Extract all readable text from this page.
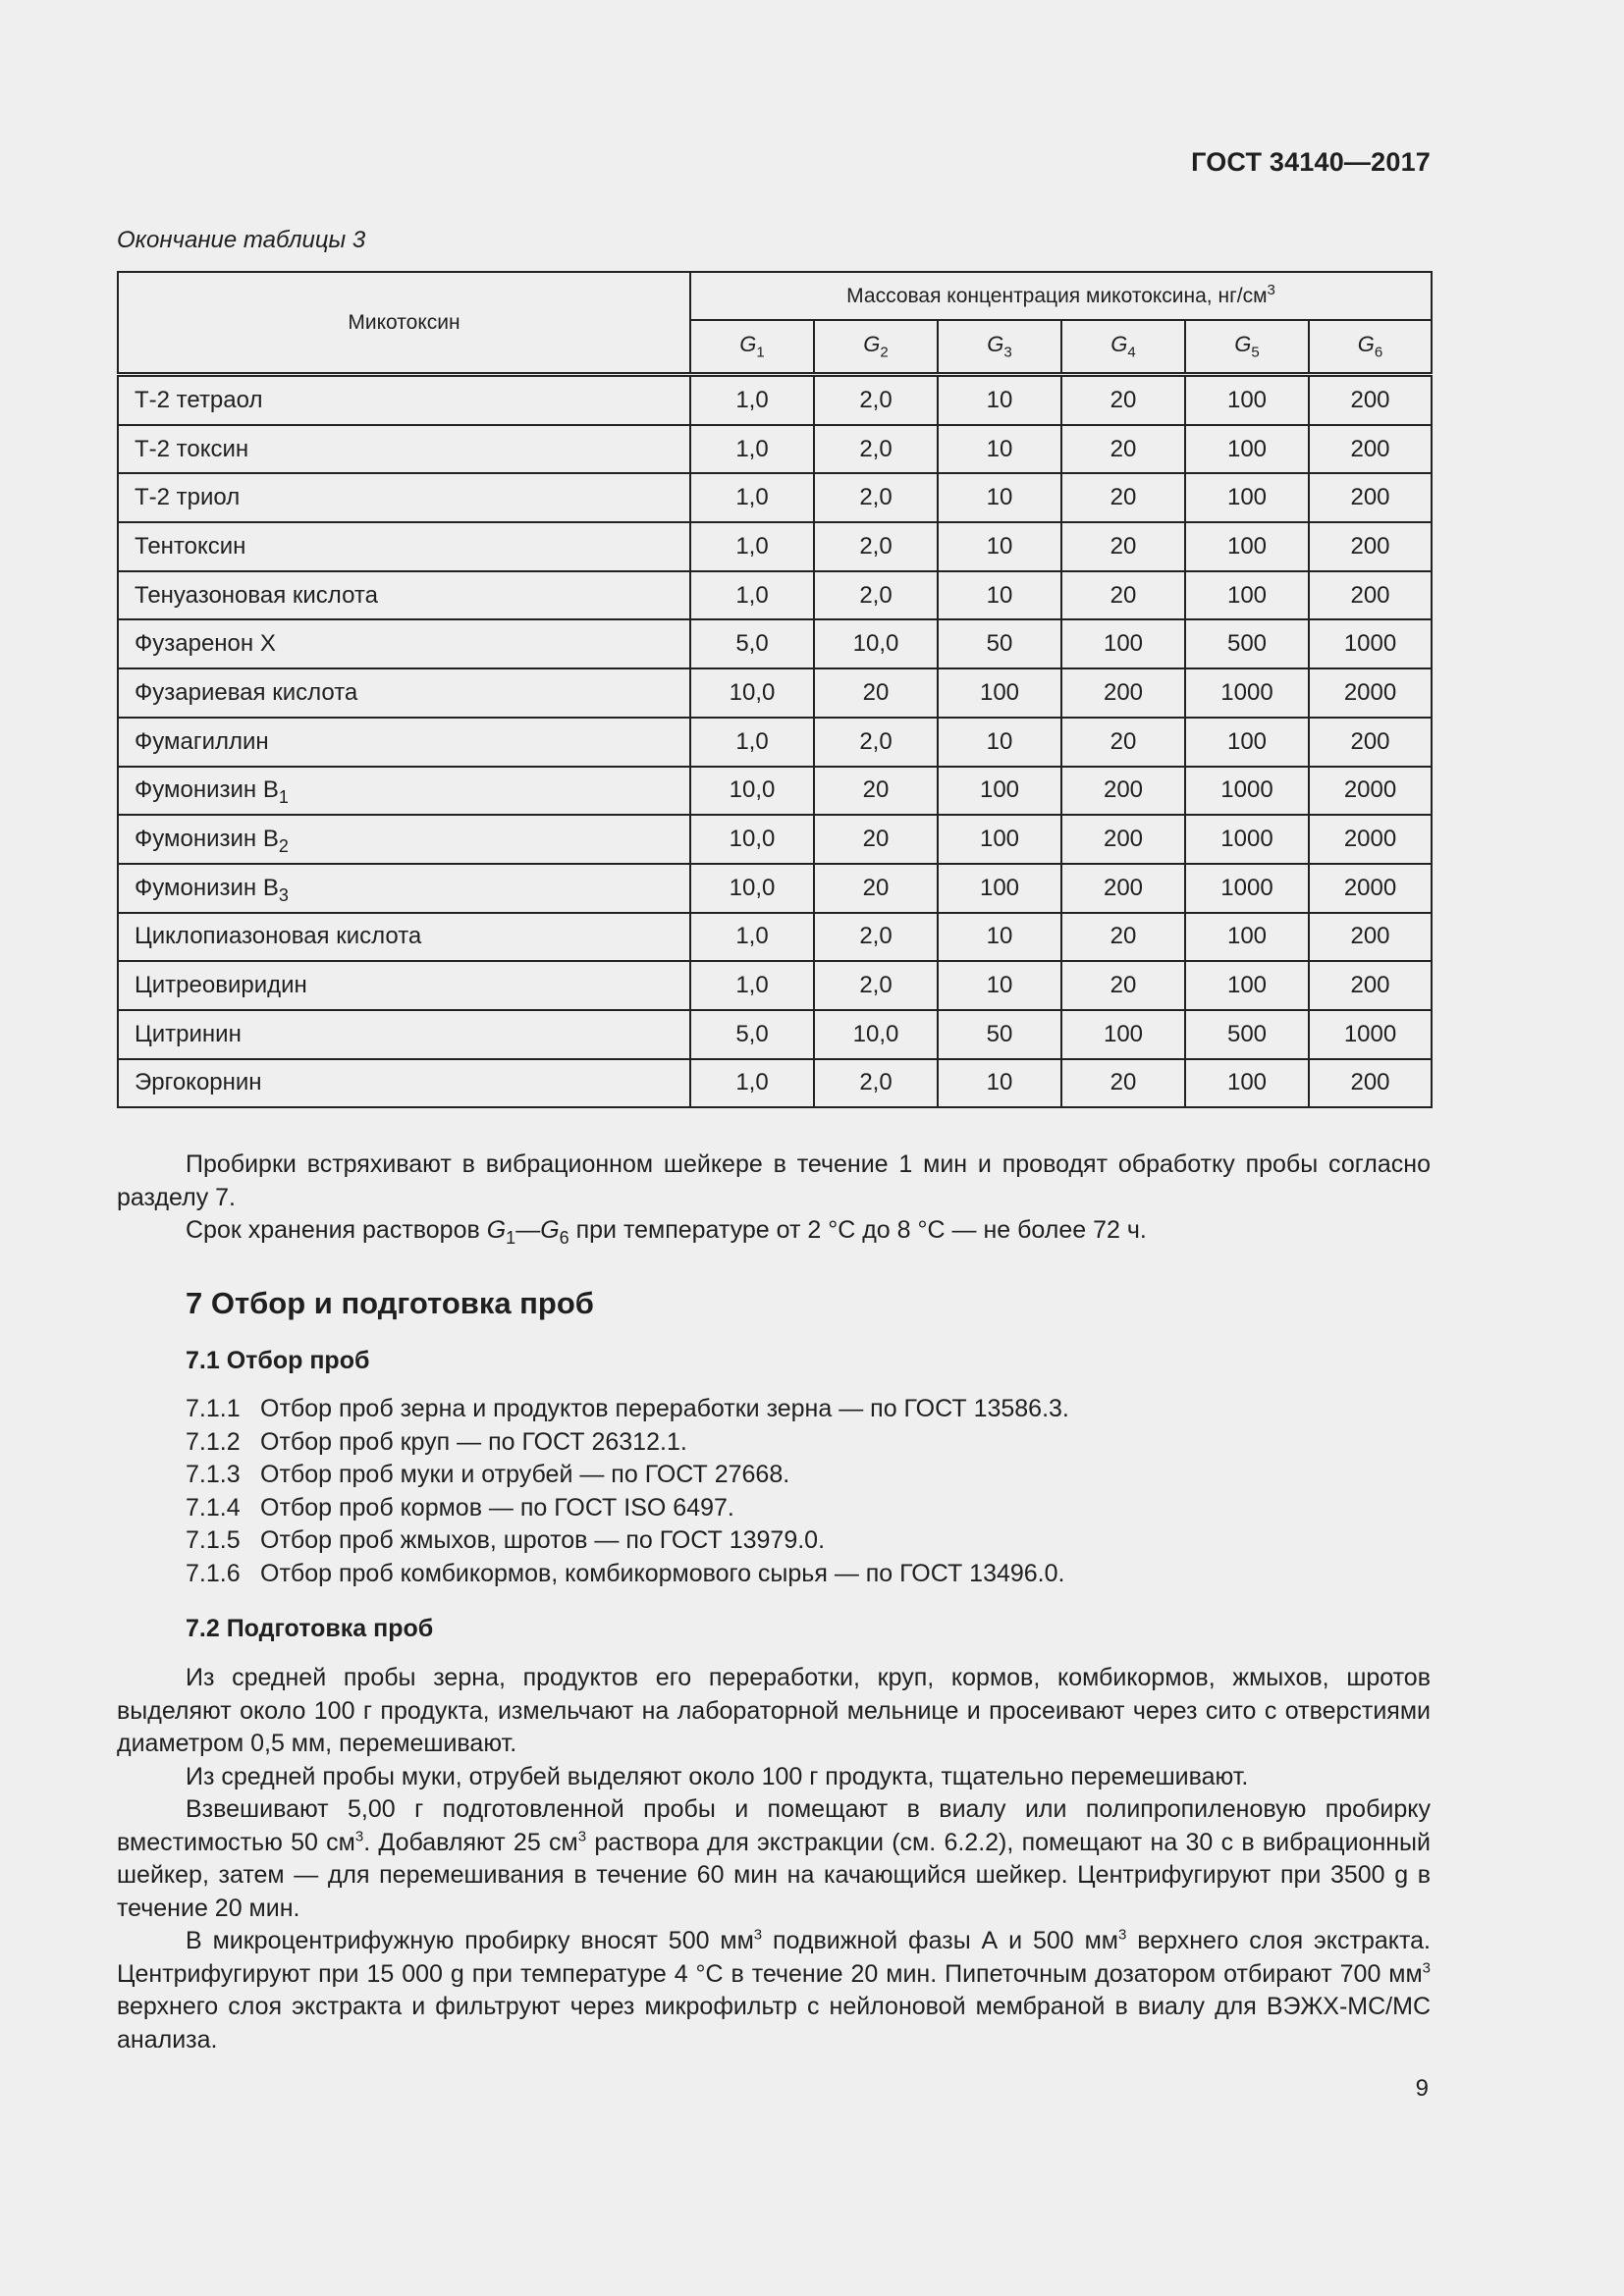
ГОСТ 34140—2017
Окончание таблицы 3
Микотоксин	Массовая концентрация микотоксина, $нг/см^3$
	$G_1$	$G_2$	$G_3$	$G_4$	$G_5$	$G_6$
Т-2 тетраол	1,0	2,0	10	20	100	200
Т-2 токсин	1,0	2,0	10	20	100	200
Т-2 триол	1,0	2,0	10	20	100	200
Тентоксин	1,0	2,0	10	20	100	200
Тенуазоновая кислота	1,0	2,0	10	20	100	200
Фузаренон Х	5,0	10,0	50	100	500	1000
Фузариевая кислота	10,0	20	100	200	1000	2000
Фумагиллин	1,0	2,0	10	20	100	200
Фумонизин $В_1$	10,0	20	100	200	1000	2000
Фумонизин $В_2$	10,0	20	100	200	1000	2000
Фумонизин $В_3$	10,0	20	100	200	1000	2000
Циклопиазоновая кислота	1,0	2,0	10	20	100	200
Цитреовиридин	1,0	2,0	10	20	100	200
Цитринин	5,0	10,0	50	100	500	1000
Эргокорнин	1,0	2,0	10	20	100	200

Пробирки встряхивают в вибрационном шейкере в течение 1 мин и проводят обработку пробы согласно разделу 7.

Срок хранения растворов $G_1—G_6$ при температуре от 2 °С до 8 °С — не более 72 ч.

7 Отбор и подготовка проб
7.1 Отбор проб
7.1.1 Отбор проб зерна и продуктов переработки зерна — по ГОСТ 13586.3.
7.1.2 Отбор проб круп — по ГОСТ 26312.1.
7.1.3 Отбор проб муки и отрубей — по ГОСТ 27668.
7.1.4 Отбор проб кормов — по ГОСТ ISO 6497.
7.1.5 Отбор проб жмыхов, шротов — по ГОСТ 13979.0.
7.1.6 Отбор проб комбикормов, комбикормового сырья — по ГОСТ 13496.0.
7.2 Подготовка проб

Из средней пробы зерна, продуктов его переработки, круп, кормов, комбикормов, жмыхов, шротов выделяют около 100 г продукта, измельчают на лабораторной мельнице и просеивают через сито с отверстиями диаметром 0,5 мм, перемешивают.

Из средней пробы муки, отрубей выделяют около 100 г продукта, тщательно перемешивают.

Взвешивают 5,00 г подготовленной пробы и помещают в виалу или полипропиленовую пробирку вместимостью 50 $см^3$. Добавляют 25 $см^3$ раствора для экстракции (см. 6.2.2), помещают на 30 с в вибрационный шейкер, затем — для перемешивания в течение 60 мин на качающийся шейкер. Центрифугируют при 3500 g в течение 20 мин.

В микроцентрифужную пробирку вносят 500 $мм^3$ подвижной фазы А и 500 $мм^3$ верхнего слоя экстракта. Центрифугируют при 15 000 g при температуре 4 °С в течение 20 мин. Пипеточным дозатором отбирают 700 $мм^3$ верхнего слоя экстракта и фильтруют через микрофильтр с нейлоновой мембраной в виалу для ВЭЖХ-МС/МС анализа.

9
